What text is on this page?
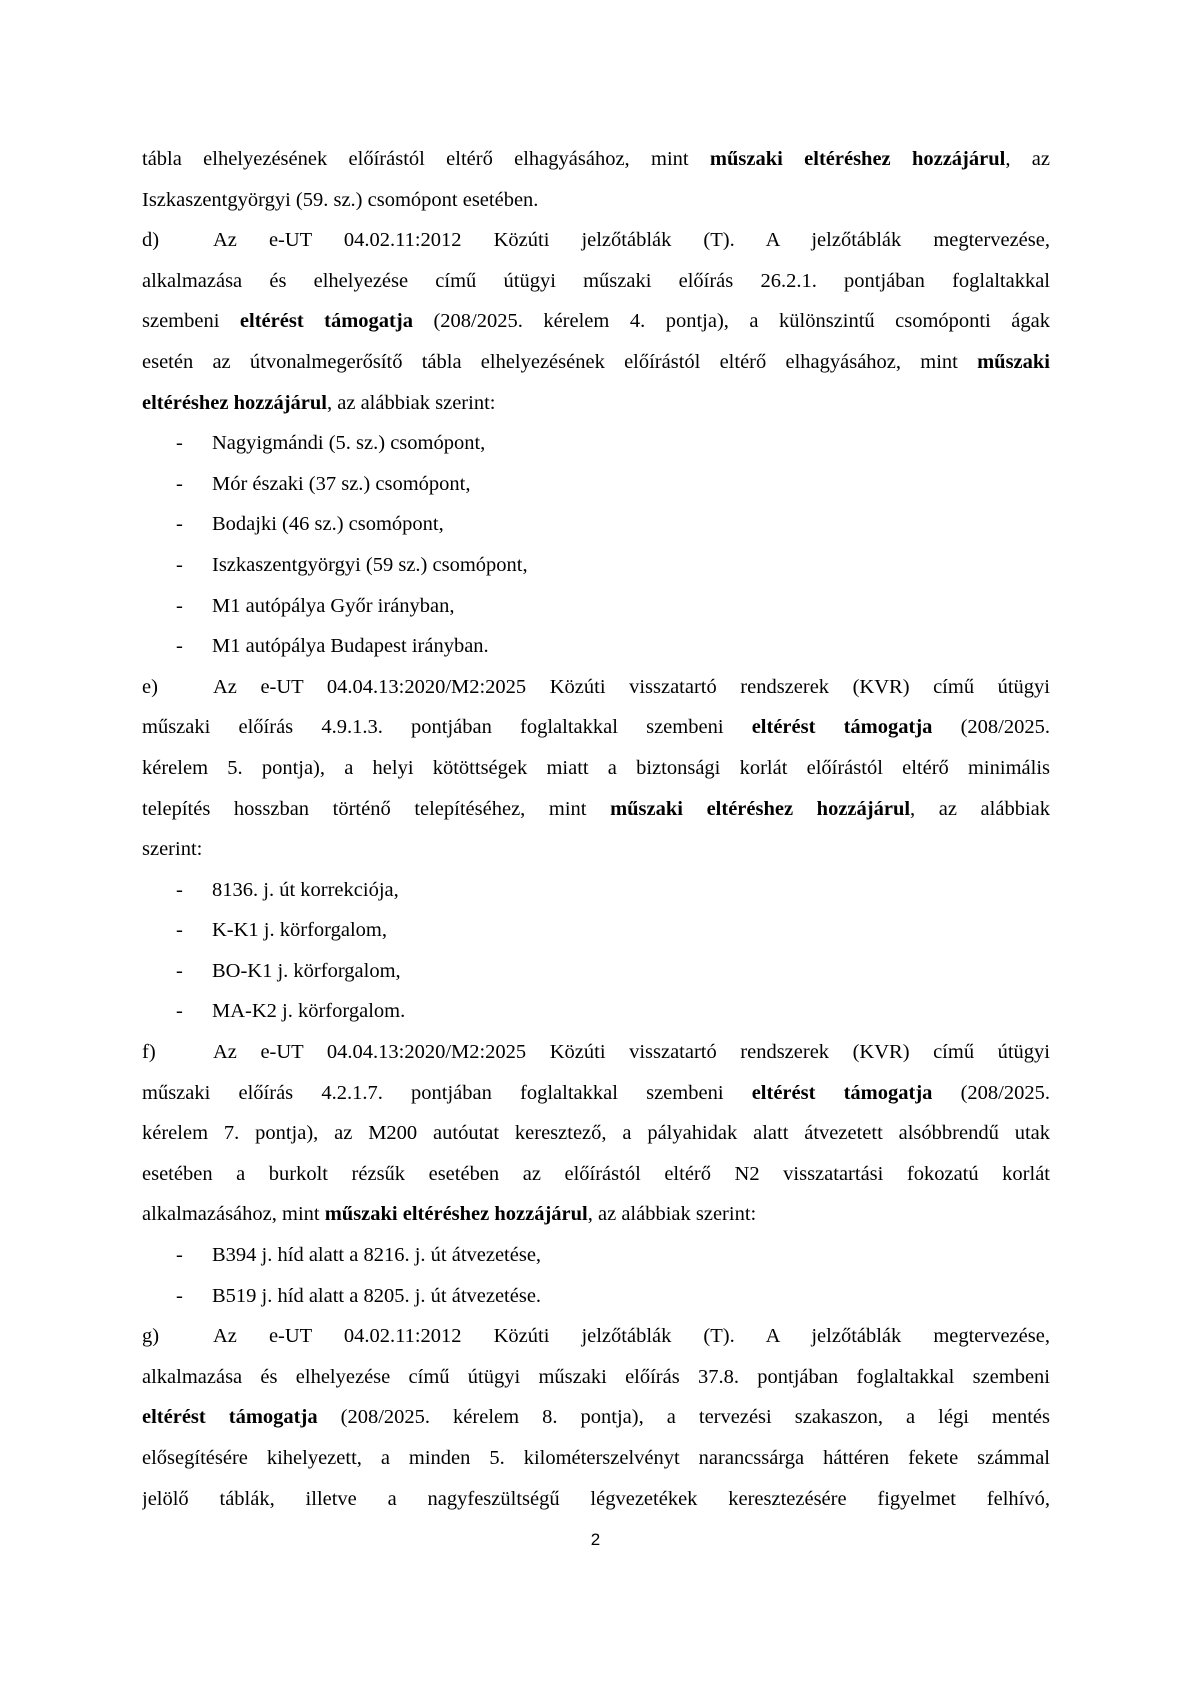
tábla elhelyezésének előírástól eltérő elhagyásához, mint műszaki eltéréshez hozzájárul, az
Iszkaszentgyörgyi (59. sz.) csomópont esetében.
d)	Az e-UT 04.02.11:2012 Közúti jelzőtáblák (T). A jelzőtáblák megtervezése,
alkalmazása és elhelyezése című útügyi műszaki előírás 26.2.1. pontjában foglaltakkal
szembeni eltérést támogatja (208/2025. kérelem 4. pontja), a különszintű csomóponti ágak
esetén az útvonalmegerősítő tábla elhelyezésének előírástól eltérő elhagyásához, mint műszaki
eltéréshez hozzájárul, az alábbiak szerint:
- Nagyigmándi (5. sz.) csomópont,
- Mór északi (37 sz.) csomópont,
- Bodajki (46 sz.) csomópont,
- Iszkaszentgyörgyi (59 sz.) csomópont,
- M1 autópálya Győr irányban,
- M1 autópálya Budapest irányban.
e)	Az e-UT 04.04.13:2020/M2:2025 Közúti visszatartó rendszerek (KVR) című útügyi
műszaki előírás 4.9.1.3. pontjában foglaltakkal szembeni eltérést támogatja (208/2025.
kérelem 5. pontja), a helyi kötöttségek miatt a biztonsági korlát előírástól eltérő minimális
telepítés hosszban történő telepítéséhez, mint műszaki eltéréshez hozzájárul, az alábbiak
szerint:
- 8136. j. út korrekciója,
- K-K1 j. körforgalom,
- BO-K1 j. körforgalom,
- MA-K2 j. körforgalom.
f)	Az e-UT 04.04.13:2020/M2:2025 Közúti visszatartó rendszerek (KVR) című útügyi
műszaki előírás 4.2.1.7. pontjában foglaltakkal szembeni eltérést támogatja (208/2025.
kérelem 7. pontja), az M200 autóutat keresztező, a pályahidak alatt átvezetett alsóbbrendű utak
esetében a burkolt rézsűk esetében az előírástól eltérő N2 visszatartási fokozatú korlát
alkalmazásához, mint műszaki eltéréshez hozzájárul, az alábbiak szerint:
- B394 j. híd alatt a 8216. j. út átvezetése,
- B519 j. híd alatt a 8205. j. út átvezetése.
g)	Az e-UT 04.02.11:2012 Közúti jelzőtáblák (T). A jelzőtáblák megtervezése,
alkalmazása és elhelyezése című útügyi műszaki előírás 37.8. pontjában foglaltakkal szembeni
eltérést támogatja (208/2025. kérelem 8. pontja), a tervezési szakaszon, a légi mentés
elősegítésére kihelyezett, a minden 5. kilométerszelvényt narancssárga háttéren fekete számmal
jelölő táblák, illetve a nagyfeszültségű légvezetékek keresztezésére figyelmet felhívó,
2
